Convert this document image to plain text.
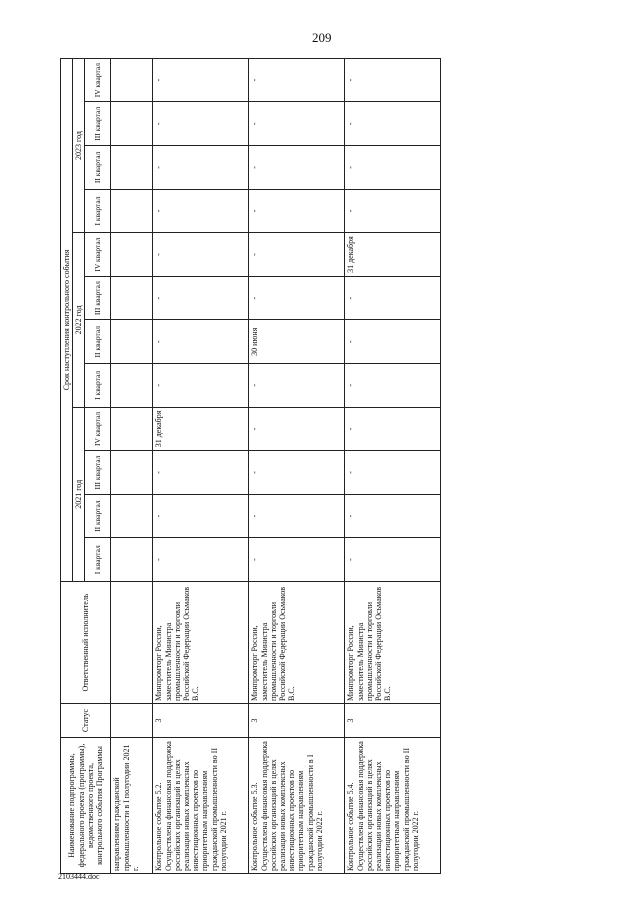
209
Наименование подпрограммы, федерального проекта (программы), ведомственного проекта, контрольного события Программы	Статус	Ответственный исполнитель	Срок наступления контрольного события											
			2021 год				2022 год				2023 год			
			I квартал	II квартал	III квартал	IV квартал	I квартал	II квартал	III квартал	IV квартал	I квартал	II квартал	III квартал	IV квартал
направлениям гражданской промышленности в I полугодии 2021 г.														
Контрольное событие 5.2. Осуществлена финансовая поддержка российских организаций в целях реализации новых комплексных инвестиционных проектов по приоритетным направлениям гражданской промышленности во II полугодии 2021 г.	3	Минпромторг России, заместитель Министра промышленности и торговли Российской Федерации Осьмаков В.С.	-	-	-	31 декабря	-	-	-	-	-	-	-	-
Контрольное событие 5.3. Осуществлена финансовая поддержка российских организаций в целях реализации новых комплексных инвестиционных проектов по приоритетным направлениям гражданской промышленности в I полугодии 2022 г.	3	Минпромторг России, заместитель Министра промышленности и торговли Российской Федерации Осьмаков В.С.	-	-	-	-	-	30 июня	-	-	-	-	-	-
Контрольное событие 5.4. Осуществлена финансовая поддержка российских организаций в целях реализации новых комплексных инвестиционных проектов по приоритетным направлениям гражданской промышленности во II полугодии 2022 г.	3	Минпромторг России, заместитель Министра промышленности и торговли Российской Федерации Осьмаков В.С.	-	-	-	-	-	-	-	31 декабря	-	-	-	-
2103444.doc
